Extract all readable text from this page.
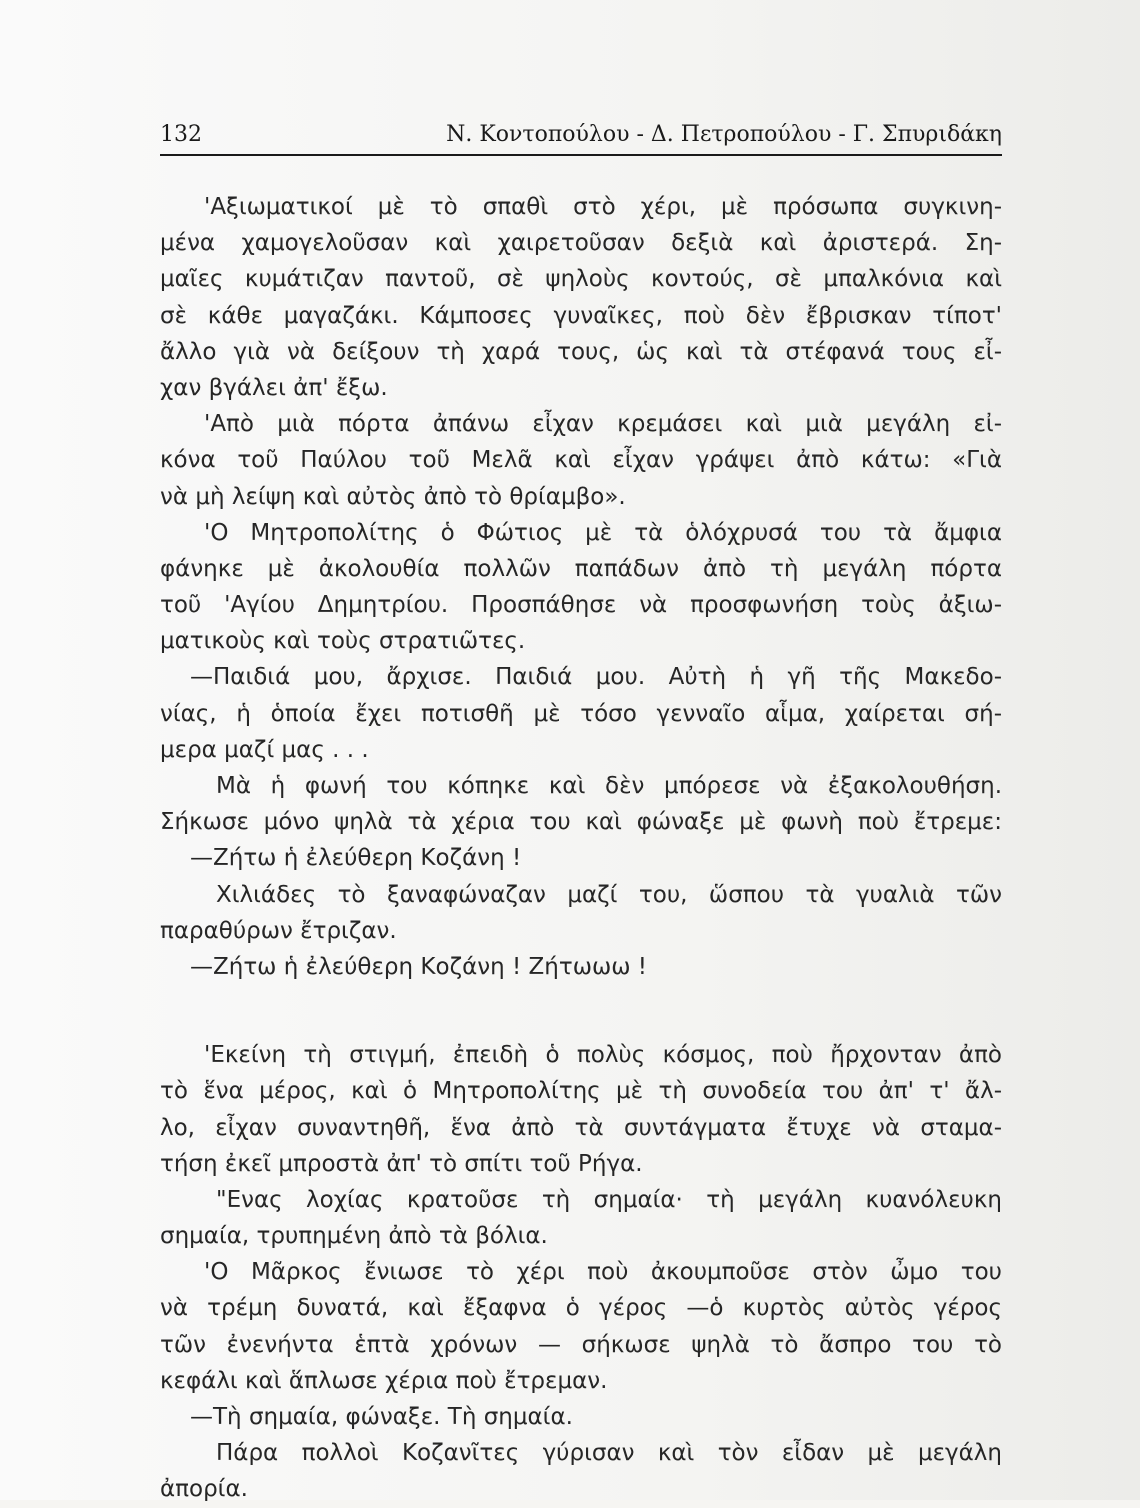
132	Ν. Κοντοπούλου - Δ. Πετροπούλου - Γ. Σπυριδάκη
'Αξιωματικοί μὲ τὸ σπαθὶ στὸ χέρι, μὲ πρόσωπα συγκινη-
μένα χαμογελοῦσαν καὶ χαιρετοῦσαν δεξιὰ καὶ ἀριστερά. Ση-
μαῖες κυμάτιζαν παντοῦ, σὲ ψηλοὺς κοντούς, σὲ μπαλκόνια καὶ
σὲ κάθε μαγαζάκι. Κάμποσες γυναῖκες, ποὺ δὲν ἔβρισκαν τίποτ'
ἄλλο γιὰ νὰ δείξουν τὴ χαρά τους, ὡς καὶ τὰ στέφανά τους εἶ-
χαν βγάλει ἀπ' ἔξω.
'Απὸ μιὰ πόρτα ἀπάνω εἶχαν κρεμάσει καὶ μιὰ μεγάλη εἰ-
κόνα τοῦ Παύλου τοῦ Μελᾶ καὶ εἶχαν γράψει ἀπὸ κάτω: «Γιὰ
νὰ μὴ λείψη καὶ αὐτὸς ἀπὸ τὸ θρίαμβο».
'Ο Μητροπολίτης ὁ Φώτιος μὲ τὰ ὁλόχρυσά του τὰ ἄμφια
φάνηκε μὲ ἀκολουθία πολλῶν παπάδων ἀπὸ τὴ μεγάλη πόρτα
τοῦ 'Αγίου Δημητρίου. Προσπάθησε νὰ προσφωνήση τοὺς ἀξιω-
ματικοὺς καὶ τοὺς στρατιῶτες.
—Παιδιά μου, ἄρχισε. Παιδιά μου. Αὐτὴ ἡ γῆ τῆς Μακεδο-
νίας, ἡ ὁποία ἔχει ποτισθῆ μὲ τόσο γενναῖο αἷμα, χαίρεται σή-
μερα μαζί μας . . .
Μὰ ἡ φωνή του κόπηκε καὶ δὲν μπόρεσε νὰ ἐξακολουθήση.
Σήκωσε μόνο ψηλὰ τὰ χέρια του καὶ φώναξε μὲ φωνὴ ποὺ ἔτρεμε:
—Ζήτω ἡ ἐλεύθερη Κοζάνη !
Χιλιάδες τὸ ξαναφώναζαν μαζί του, ὥσπου τὰ γυαλιὰ τῶν
παραθύρων ἔτριζαν.
—Ζήτω ἡ ἐλεύθερη Κοζάνη ! Ζήτωωω !
'Εκείνη τὴ στιγμή, ἐπειδὴ ὁ πολὺς κόσμος, ποὺ ἤρχονταν ἀπὸ
τὸ ἕνα μέρος, καὶ ὁ Μητροπολίτης μὲ τὴ συνοδεία του ἀπ' τ' ἄλ-
λο, εἶχαν συναντηθῆ, ἕνα ἀπὸ τὰ συντάγματα ἔτυχε νὰ σταμα-
τήση ἐκεῖ μπροστὰ ἀπ' τὸ σπίτι τοῦ Ρήγα.
"Ενας λοχίας κρατοῦσε τὴ σημαία· τὴ μεγάλη κυανόλευκη
σημαία, τρυπημένη ἀπὸ τὰ βόλια.
'Ο Μᾶρκος ἔνιωσε τὸ χέρι ποὺ ἀκουμποῦσε στὸν ὦμο του
νὰ τρέμη δυνατά, καὶ ἔξαφνα ὁ γέρος —ὁ κυρτὸς αὐτὸς γέρος
τῶν ἐνενήντα ἑπτὰ χρόνων — σήκωσε ψηλὰ τὸ ἄσπρο του τὸ
κεφάλι καὶ ἅπλωσε χέρια ποὺ ἔτρεμαν.
—Τὴ σημαία, φώναξε. Τὴ σημαία.
Πάρα πολλοὶ Κοζανῖτες γύρισαν καὶ τὸν εἶδαν μὲ μεγάλη
ἀπορία.
